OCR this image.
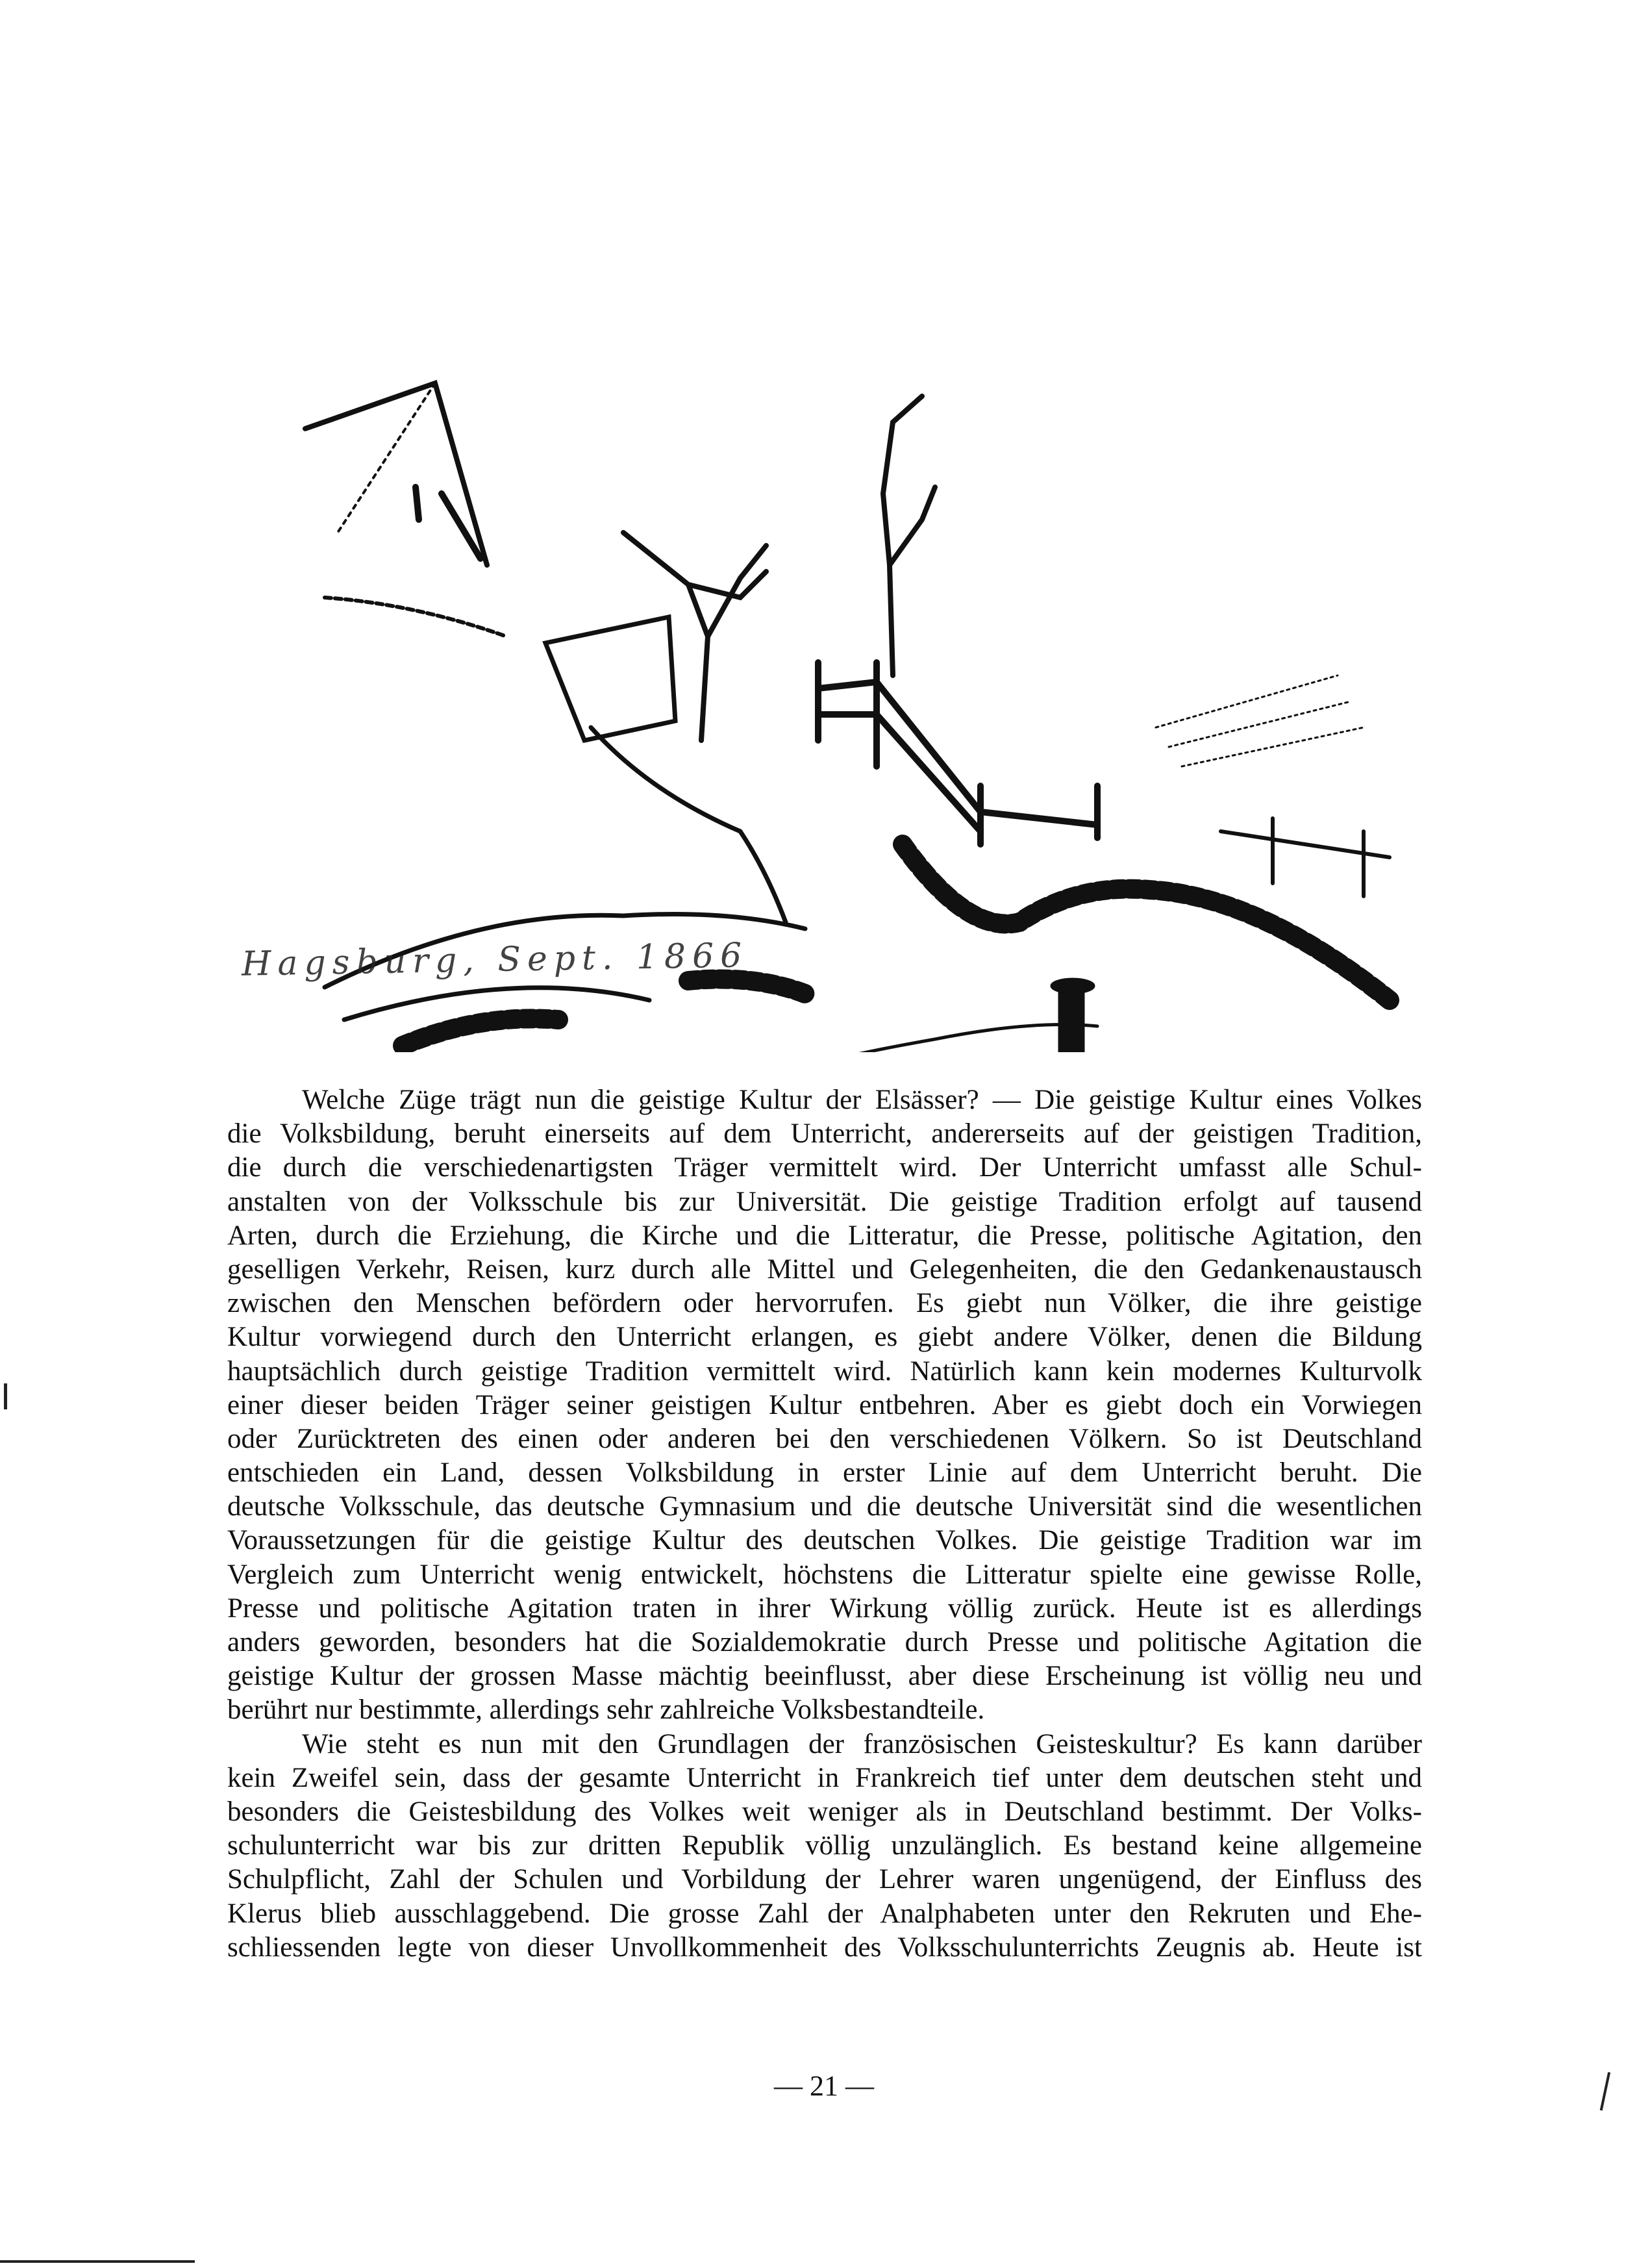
Hagsburg, Sept. 1866
Welche Züge trägt nun die geistige Kultur der Elsässer? — Die geistige Kultur eines Volkes
die Volksbildung, beruht einerseits auf dem Unterricht, andererseits auf der geistigen Tradition,
die durch die verschiedenartigsten Träger vermittelt wird. Der Unterricht umfasst alle Schul-
anstalten von der Volksschule bis zur Universität. Die geistige Tradition erfolgt auf tausend
Arten, durch die Erziehung, die Kirche und die Litteratur, die Presse, politische Agitation, den
geselligen Verkehr, Reisen, kurz durch alle Mittel und Gelegenheiten, die den Gedankenaustausch
zwischen den Menschen befördern oder hervorrufen. Es giebt nun Völker, die ihre geistige
Kultur vorwiegend durch den Unterricht erlangen, es giebt andere Völker, denen die Bildung
hauptsächlich durch geistige Tradition vermittelt wird. Natürlich kann kein modernes Kulturvolk
einer dieser beiden Träger seiner geistigen Kultur entbehren. Aber es giebt doch ein Vorwiegen
oder Zurücktreten des einen oder anderen bei den verschiedenen Völkern. So ist Deutschland
entschieden ein Land, dessen Volksbildung in erster Linie auf dem Unterricht beruht. Die
deutsche Volksschule, das deutsche Gymnasium und die deutsche Universität sind die wesentlichen
Voraussetzungen für die geistige Kultur des deutschen Volkes. Die geistige Tradition war im
Vergleich zum Unterricht wenig entwickelt, höchstens die Litteratur spielte eine gewisse Rolle,
Presse und politische Agitation traten in ihrer Wirkung völlig zurück. Heute ist es allerdings
anders geworden, besonders hat die Sozialdemokratie durch Presse und politische Agitation die
geistige Kultur der grossen Masse mächtig beeinflusst, aber diese Erscheinung ist völlig neu und
berührt nur bestimmte, allerdings sehr zahlreiche Volksbestandteile.
Wie steht es nun mit den Grundlagen der französischen Geisteskultur? Es kann darüber
kein Zweifel sein, dass der gesamte Unterricht in Frankreich tief unter dem deutschen steht und
besonders die Geistesbildung des Volkes weit weniger als in Deutschland bestimmt. Der Volks-
schulunterricht war bis zur dritten Republik völlig unzulänglich. Es bestand keine allgemeine
Schulpflicht, Zahl der Schulen und Vorbildung der Lehrer waren ungenügend, der Einfluss des
Klerus blieb ausschlaggebend. Die grosse Zahl der Analphabeten unter den Rekruten und Ehe-
schliessenden legte von dieser Unvollkommenheit des Volksschulunterrichts Zeugnis ab. Heute ist
— 21 —
